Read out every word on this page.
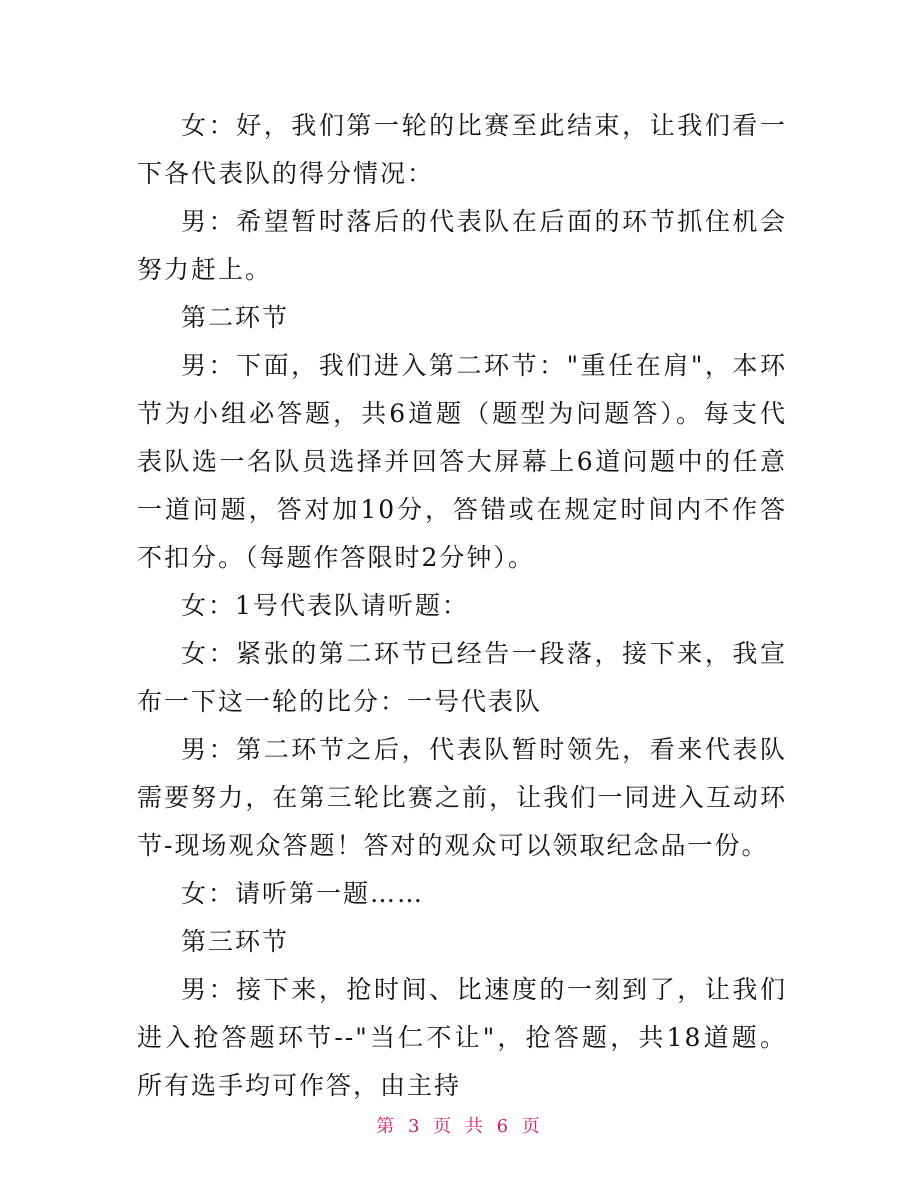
女：好，我们第一轮的比赛至此结束，让我们看一下各代表队的得分情况：

男：希望暂时落后的代表队在后面的环节抓住机会努力赶上。

第二环节

男：下面，我们进入第二环节："重任在肩"，本环节为小组必答题，共6道题（题型为问题答）。每支代表队选一名队员选择并回答大屏幕上6道问题中的任意一道问题，答对加10分，答错或在规定时间内不作答不扣分。（每题作答限时2分钟）。

女：1号代表队请听题：

女：紧张的第二环节已经告一段落，接下来，我宣布一下这一轮的比分：一号代表队

男：第二环节之后，代表队暂时领先，看来代表队需要努力，在第三轮比赛之前，让我们一同进入互动环节-现场观众答题！答对的观众可以领取纪念品一份。

女：请听第一题……

第三环节

男：接下来，抢时间、比速度的一刻到了，让我们进入抢答题环节--"当仁不让"，抢答题，共18道题。所有选手均可作答，由主持

第 3 页 共 6 页
